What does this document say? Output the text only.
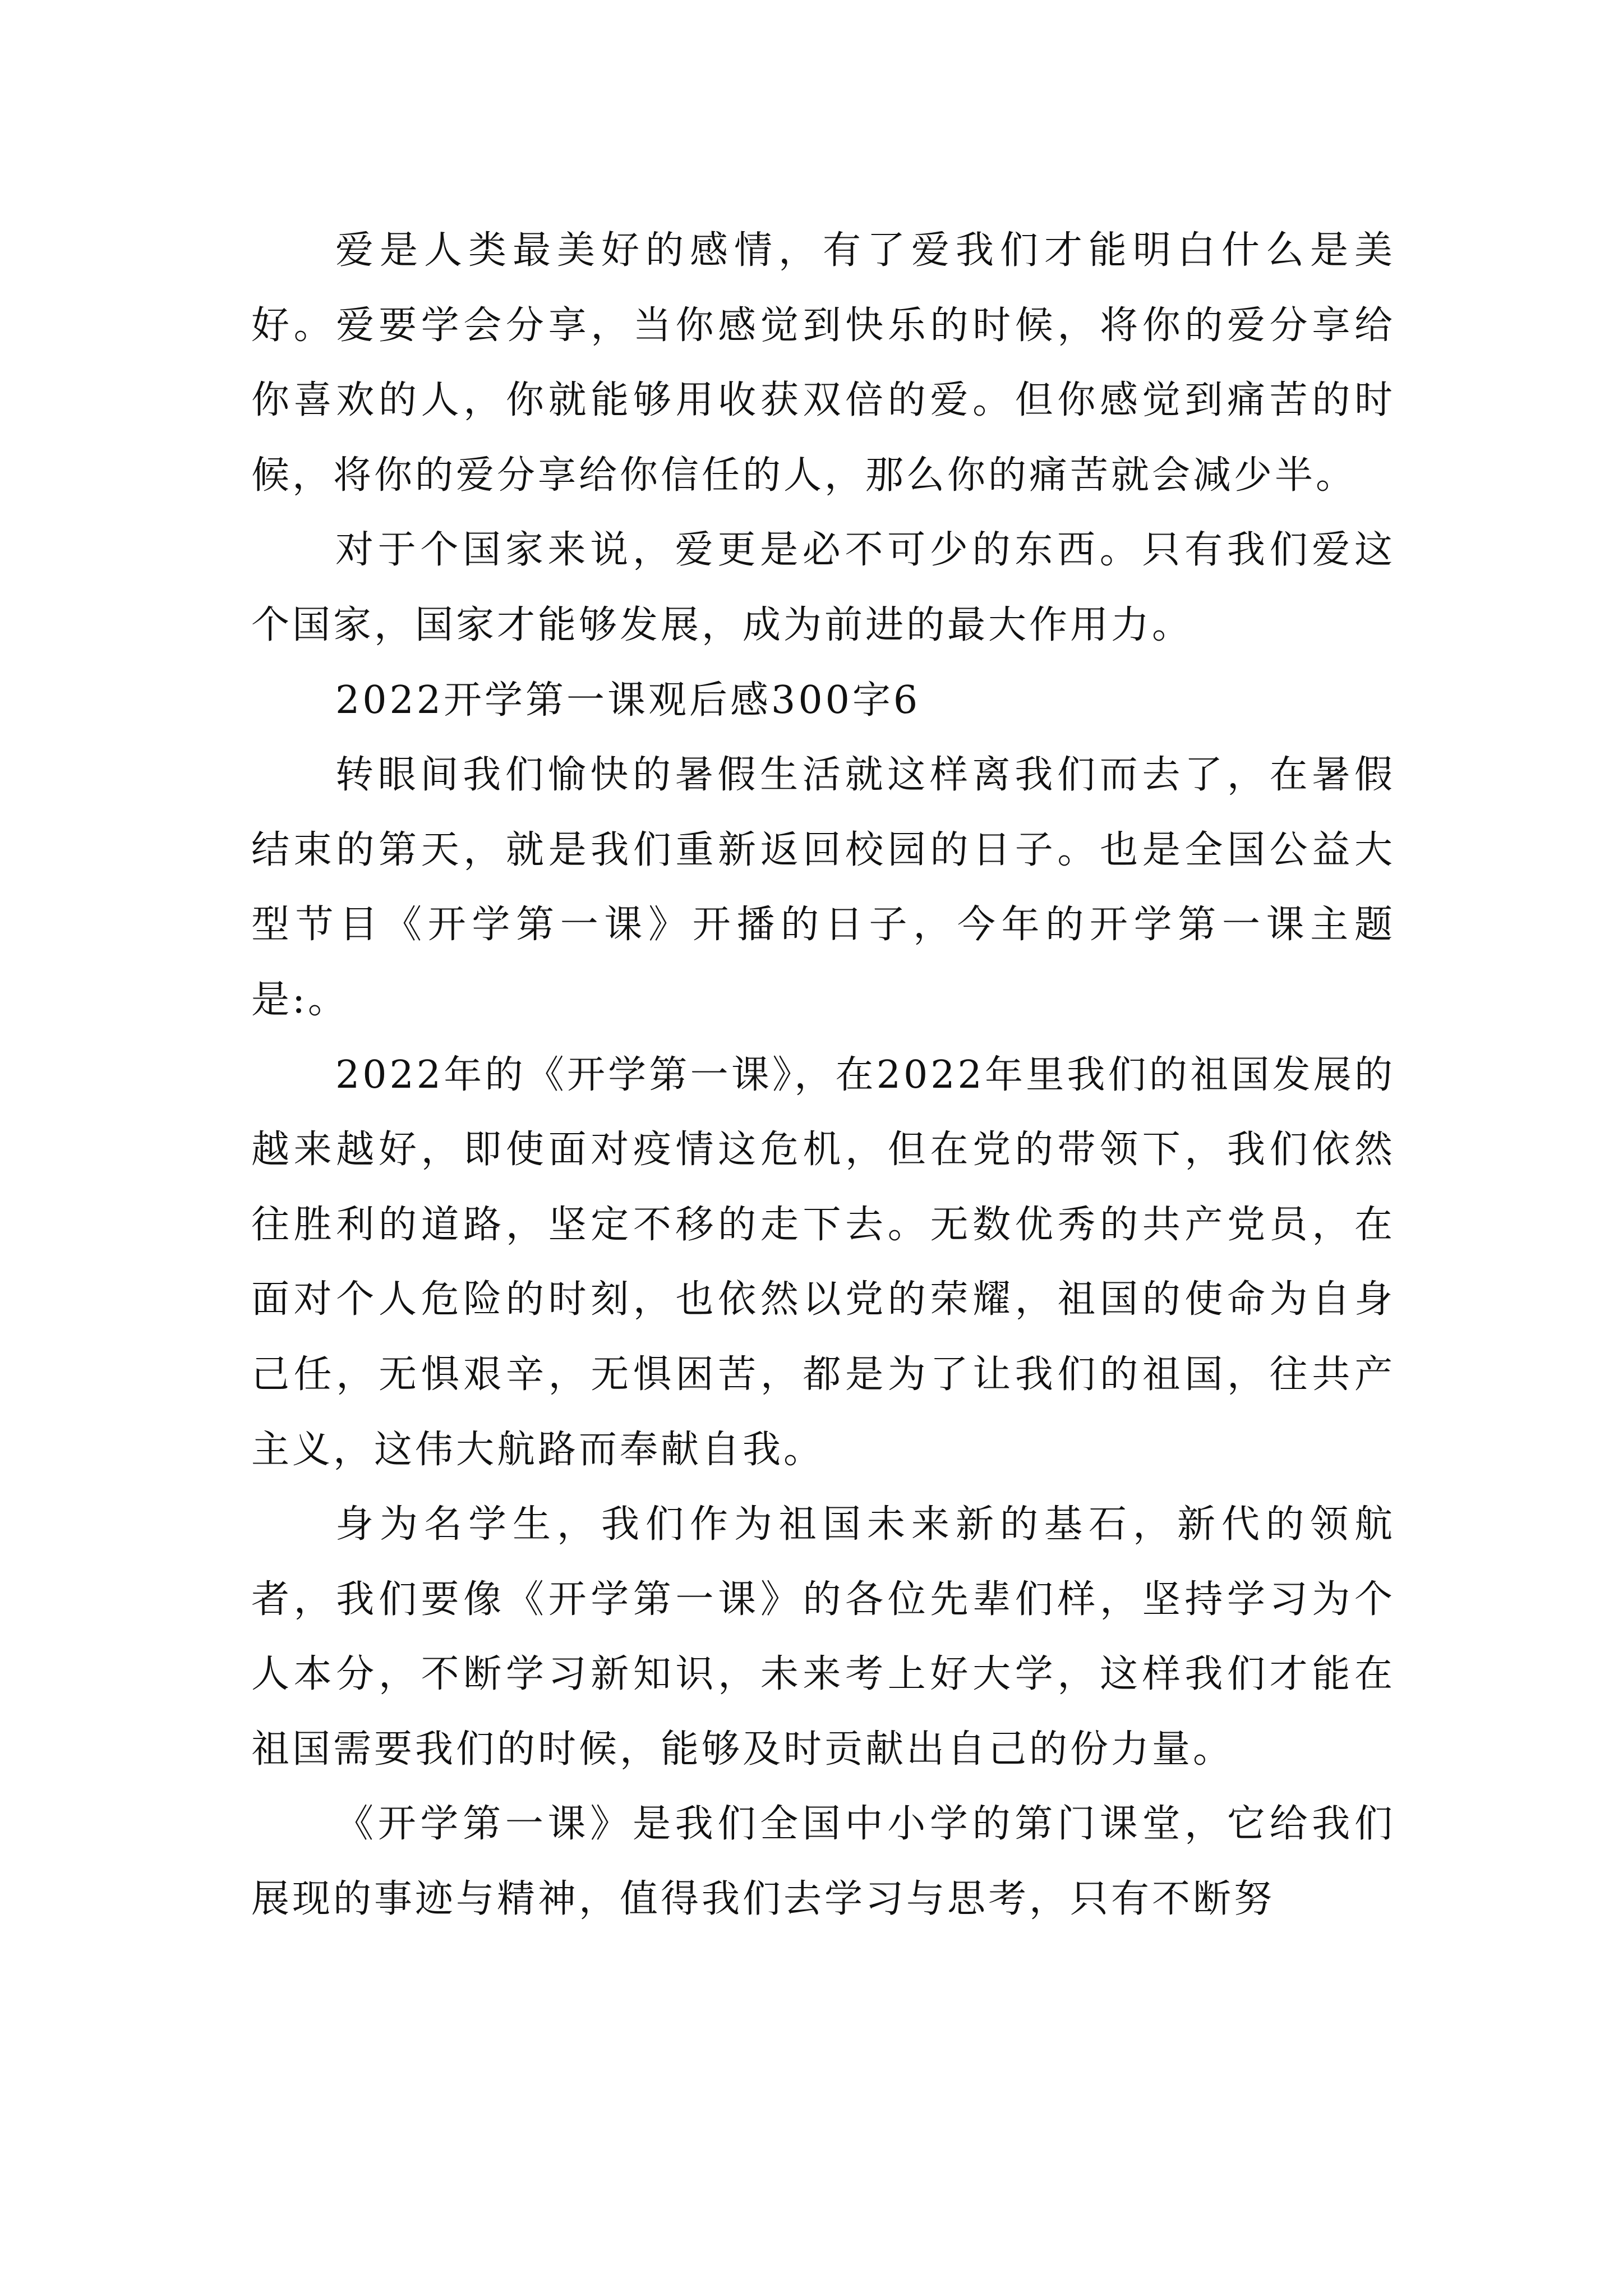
爱是人类最美好的感情，有了爱我们才能明白什么是美好。爱要学会分享，当你感觉到快乐的时候，将你的爱分享给你喜欢的人，你就能够用收获双倍的爱。但你感觉到痛苦的时候，将你的爱分享给你信任的人，那么你的痛苦就会减少半。

对于个国家来说，爱更是必不可少的东西。只有我们爱这个国家，国家才能够发展，成为前进的最大作用力。

2022开学第一课观后感300字6

转眼间我们愉快的暑假生活就这样离我们而去了，在暑假结束的第天，就是我们重新返回校园的日子。也是全国公益大型节目《开学第一课》开播的日子，今年的开学第一课主题是:。

2022年的《开学第一课》，在2022年里我们的祖国发展的越来越好，即使面对疫情这危机，但在党的带领下，我们依然往胜利的道路，坚定不移的走下去。无数优秀的共产党员，在面对个人危险的时刻，也依然以党的荣耀，祖国的使命为自身己任，无惧艰辛，无惧困苦，都是为了让我们的祖国，往共产主义，这伟大航路而奉献自我。

身为名学生，我们作为祖国未来新的基石，新代的领航者，我们要像《开学第一课》的各位先辈们样，坚持学习为个人本分，不断学习新知识，未来考上好大学，这样我们才能在祖国需要我们的时候，能够及时贡献出自己的份力量。

《开学第一课》是我们全国中小学的第门课堂，它给我们展现的事迹与精神，值得我们去学习与思考，只有不断努
